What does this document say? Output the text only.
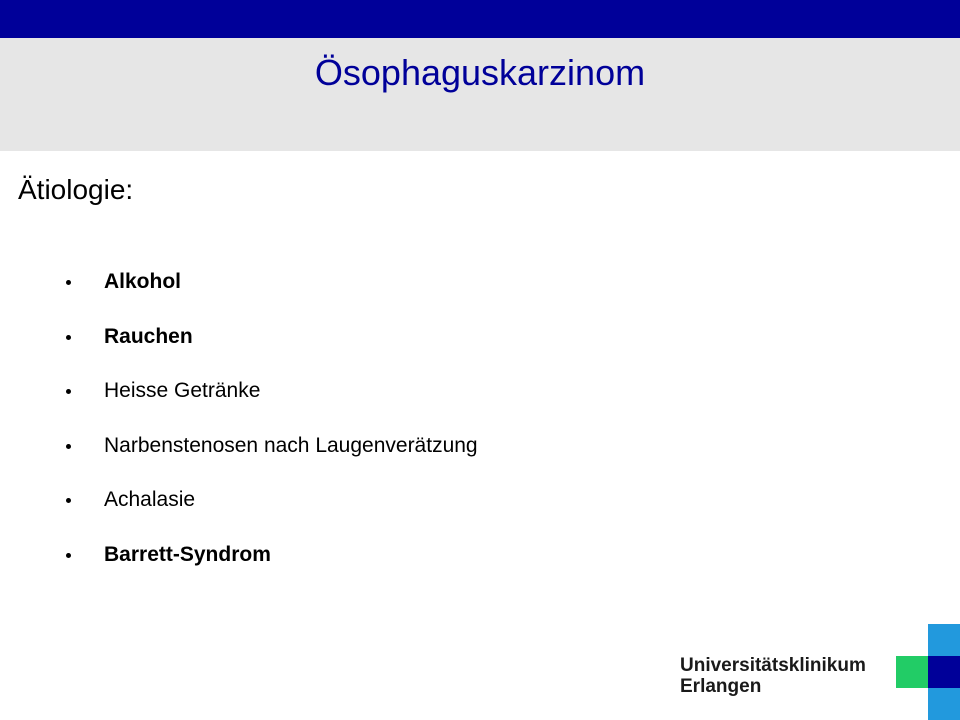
Ösophaguskarzinom
Ätiologie:
Alkohol
Rauchen
Heisse Getränke
Narbenstenosen nach Laugenverätzung
Achalasie
Barrett-Syndrom
Universitätsklinikum
Erlangen
